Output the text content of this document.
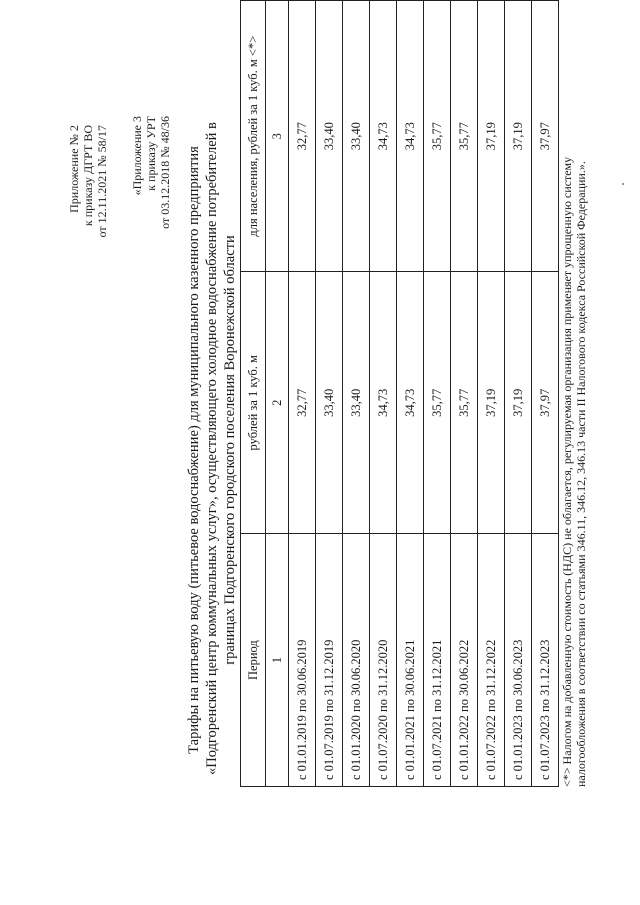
Приложение № 2 к приказу ДГРТ ВО от 12.11.2021 № 58/17 «Приложение 3 к приказу УРТ от 03.12.2018 № 48/36 Тарифы на питьевую воду (питьевое водоснабжение) для муниципального казенного предприятия «Подгоренский центр коммунальных услуг», осуществляющего холодное водоснабжение потребителей в границах Подгоренского городского поселения Воронежской области Период	рублей за 1 куб. м	для населения, рублей за 1 куб. м <*>
1	2	3
с 01.01.2019 по 30.06.2019	32,77	32,77
с 01.07.2019 по 31.12.2019	33,40	33,40
с 01.01.2020 по 30.06.2020	33,40	33,40
с 01.07.2020 по 31.12.2020	34,73	34,73
с 01.01.2021 по 30.06.2021	34,73	34,73
с 01.07.2021 по 31.12.2021	35,77	35,77
с 01.01.2022 по 30.06.2022	35,77	35,77
с 01.07.2022 по 31.12.2022	37,19	37,19
с 01.01.2023 по 30.06.2023	37,19	37,19
с 01.07.2023 по 31.12.2023	37,97	37,97
<*> Налогом на добавленную стоимость (НДС) не облагается, регулируемая организация применяет упрощенную систему налогообложения в соответствии со статьями 346.11, 346.12, 346.13 части II Налогового кодекса Российской Федерации.».
